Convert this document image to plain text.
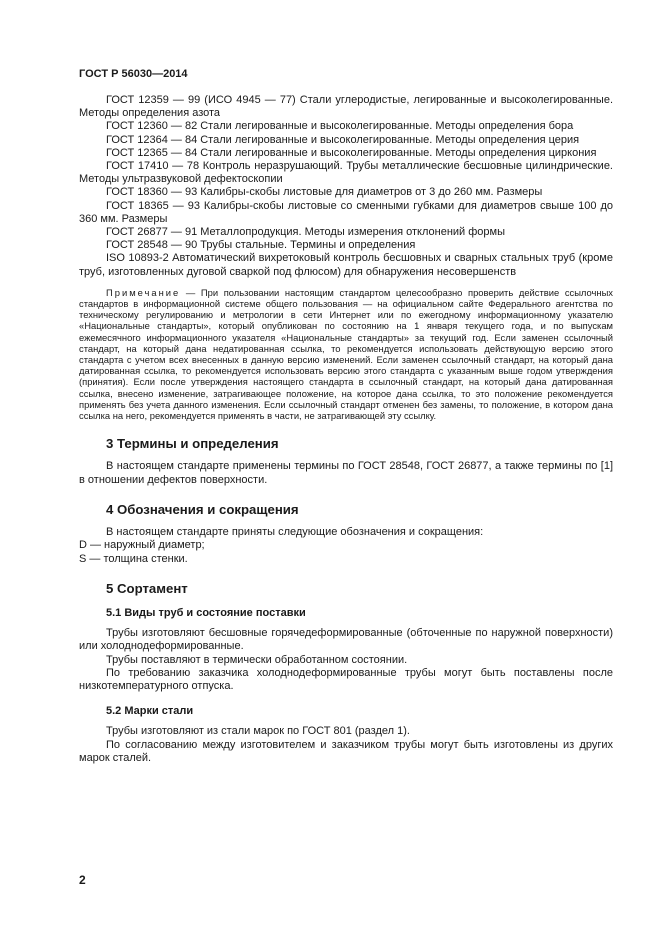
ГОСТ Р 56030—2014

ГОСТ 12359 — 99 (ИСО 4945 — 77) Стали углеродистые, легированные и высоколегированные. Методы определения азота

ГОСТ 12360 — 82 Стали легированные и высоколегированные. Методы определения бора

ГОСТ 12364 — 84 Стали легированные и высоколегированные. Методы определения церия

ГОСТ 12365 — 84 Стали легированные и высоколегированные. Методы определения циркония

ГОСТ 17410 — 78 Контроль неразрушающий. Трубы металлические бесшовные цилиндрические. Методы ультразвуковой дефектоскопии

ГОСТ 18360 — 93 Калибры-скобы листовые для диаметров от 3 до 260 мм. Размеры

ГОСТ 18365 — 93 Калибры-скобы листовые со сменными губками для диаметров свыше 100 до 360 мм. Размеры

ГОСТ 26877 — 91 Металлопродукция. Методы измерения отклонений формы

ГОСТ 28548 — 90 Трубы стальные. Термины и определения

ISO 10893-2 Автоматический вихретоковый контроль бесшовных и сварных стальных труб (кроме труб, изготовленных дуговой сваркой под флюсом) для обнаружения несовершенств

Примечание — При пользовании настоящим стандартом целесообразно проверить действие ссылочных стандартов в информационной системе общего пользования — на официальном сайте Федерального агентства по техническому регулированию и метрологии в сети Интернет или по ежегодному информационному указателю «Национальные стандарты», который опубликован по состоянию на 1 января текущего года, и по выпускам ежемесячного информационного указателя «Национальные стандарты» за текущий год. Если заменен ссылочный стандарт, на который дана недатированная ссылка, то рекомендуется использовать действующую версию этого стандарта с учетом всех внесенных в данную версию изменений. Если заменен ссылочный стандарт, на который дана датированная ссылка, то рекомендуется использовать версию этого стандарта с указанным выше годом утверждения (принятия). Если после утверждения настоящего стандарта в ссылочный стандарт, на который дана датированная ссылка, внесено изменение, затрагивающее положение, на которое дана ссылка, то это положение рекомендуется применять без учета данного изменения. Если ссылочный стандарт отменен без замены, то положение, в котором дана ссылка на него, рекомендуется применять в части, не затрагивающей эту ссылку.

3 Термины и определения

В настоящем стандарте применены термины по ГОСТ 28548, ГОСТ 26877, а также термины по [1] в отношении дефектов поверхности.

4 Обозначения и сокращения

В настоящем стандарте приняты следующие обозначения и сокращения:

D — наружный диаметр;

S — толщина стенки.

5 Сортамент
5.1 Виды труб и состояние поставки

Трубы изготовляют бесшовные горячедеформированные (обточенные по наружной поверхности) или холоднодеформированные.

Трубы поставляют в термически обработанном состоянии.

По требованию заказчика холоднодеформированные трубы могут быть поставлены после низкотемпературного отпуска.

5.2 Марки стали

Трубы изготовляют из стали марок по ГОСТ 801 (раздел 1).

По согласованию между изготовителем и заказчиком трубы могут быть изготовлены из других марок сталей.

2
